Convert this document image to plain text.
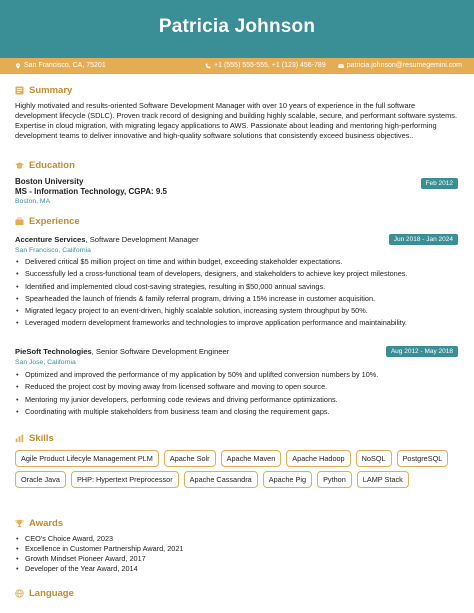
Patricia Johnson
San Francisco, CA, 75201	+1 (555) 555-555, +1 (123) 456-789	patricia.johnson@resumegemini.com
Summary
Highly motivated and results-oriented Software Development Manager with over 10 years of experience in the full software development lifecycle (SDLC). Proven track record of designing and building highly scalable, secure, and performant software systems. Expertise in cloud migration, with migrating legacy applications to AWS. Passionate about leading and mentoring high-performing development teams to deliver innovative and high-quality software solutions that consistently exceed business objectives..
Education
Boston University	Feb 2012
MS - Information Technology, CGPA: 9.5
Boston, MA
Experience
Accenture Services, Software Development Manager	Jun 2018 - Jan 2024
San Francisco, California
• Delivered critical $5 million project on time and within budget, exceeding stakeholder expectations.
• Successfully led a cross-functional team of developers, designers, and stakeholders to achieve key project milestones.
• Identified and implemented cloud cost-saving strategies, resulting in $50,000 annual savings.
• Spearheaded the launch of friends & family referral program, driving a 15% increase in customer acquisition.
• Migrated legacy project to an event-driven, highly scalable solution, increasing system throughput by 50%.
• Leveraged modern development frameworks and technologies to improve application performance and maintainability.
PieSoft Technologies, Senior Software Development Engineer	Aug 2012 - May 2018
San Jose, California
• Optimized and improved the performance of my application by 50% and uplifted conversion numbers by 10%.
• Reduced the project cost by moving away from licensed software and moving to open source.
• Mentoring my junior developers, performing code reviews and driving performance optimizations.
• Coordinating with multiple stakeholders from business team and closing the requirement gaps.
Skills
Agile Product Lifecyle Management PLM	Apache Solr	Apache Maven	Apache Hadoop	NoSQL	PostgreSQL
Oracle Java	PHP: Hypertext Preprocessor	Apache Cassandra	Apache Pig	Python	LAMP Stack
Awards
• CEO's Choice Award, 2023
• Excellence in Customer Partnership Award, 2021
• Growth Mindset Pioneer Award, 2017
• Developer of the Year Award, 2014
Language
